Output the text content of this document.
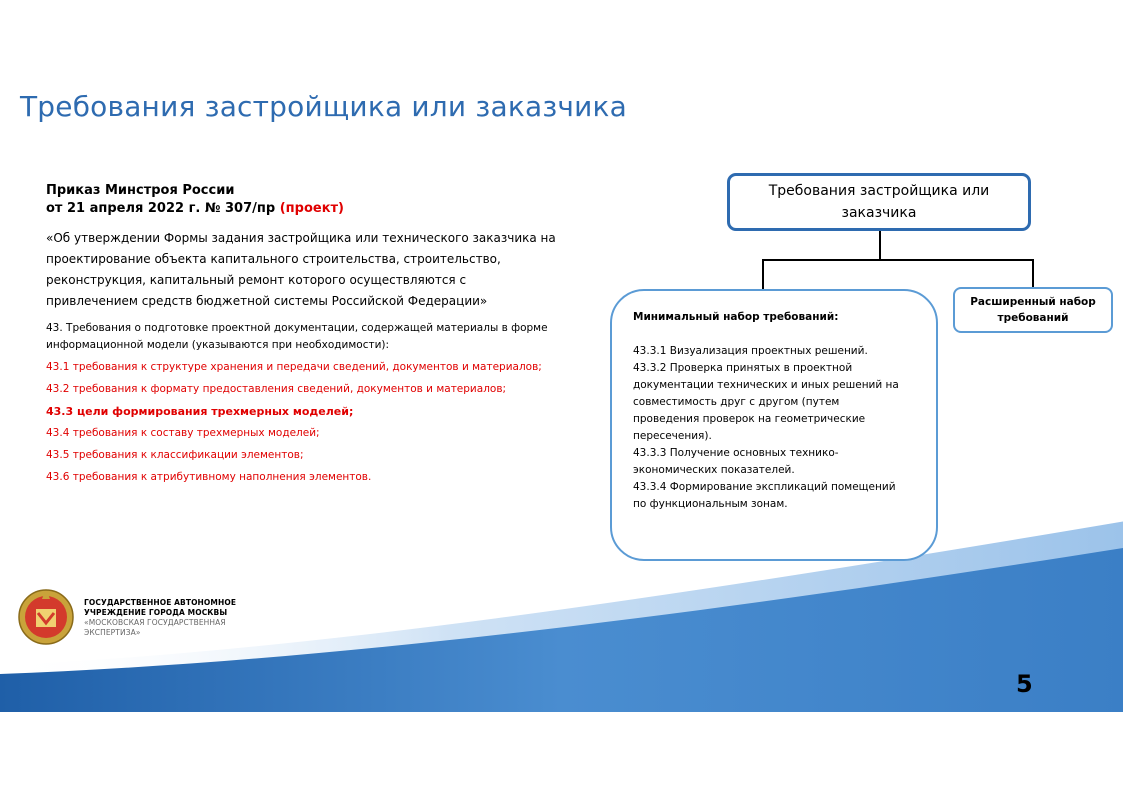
Требования застройщика или заказчика
Приказ Минстроя России
от 21 апреля 2022 г. № 307/пр (проект)
«Об утверждении Формы задания застройщика или технического заказчика на проектирование объекта капитального строительства, строительство, реконструкция, капитальный ремонт которого осуществляются с привлечением средств бюджетной системы Российской Федерации»
43. Требования о подготовке проектной документации, содержащей материалы в форме информационной модели (указываются при необходимости):
43.1 требования к структуре хранения и передачи сведений, документов и материалов;
43.2 требования к формату предоставления сведений, документов и материалов;
43.3 цели формирования трехмерных моделей;
43.4 требования к составу трехмерных моделей;
43.5 требования к классификации элементов;
43.6 требования к атрибутивному наполнения элементов.
Требования застройщика или заказчика
Минимальный набор требований:
43.3.1 Визуализация проектных решений.
43.3.2 Проверка принятых в проектной документации технических и иных решений на совместимость друг с другом (путем проведения проверок на геометрические
пересечения).
43.3.3 Получение основных технико-экономических показателей.
43.3.4 Формирование экспликаций помещений по функциональным зонам.
Расширенный набор требований
ГОСУДАРСТВЕННОЕ АВТОНОМНОЕ
УЧРЕЖДЕНИЕ ГОРОДА МОСКВЫ
«МОСКОВСКАЯ ГОСУДАРСТВЕННАЯ
ЭКСПЕРТИЗА»
5
